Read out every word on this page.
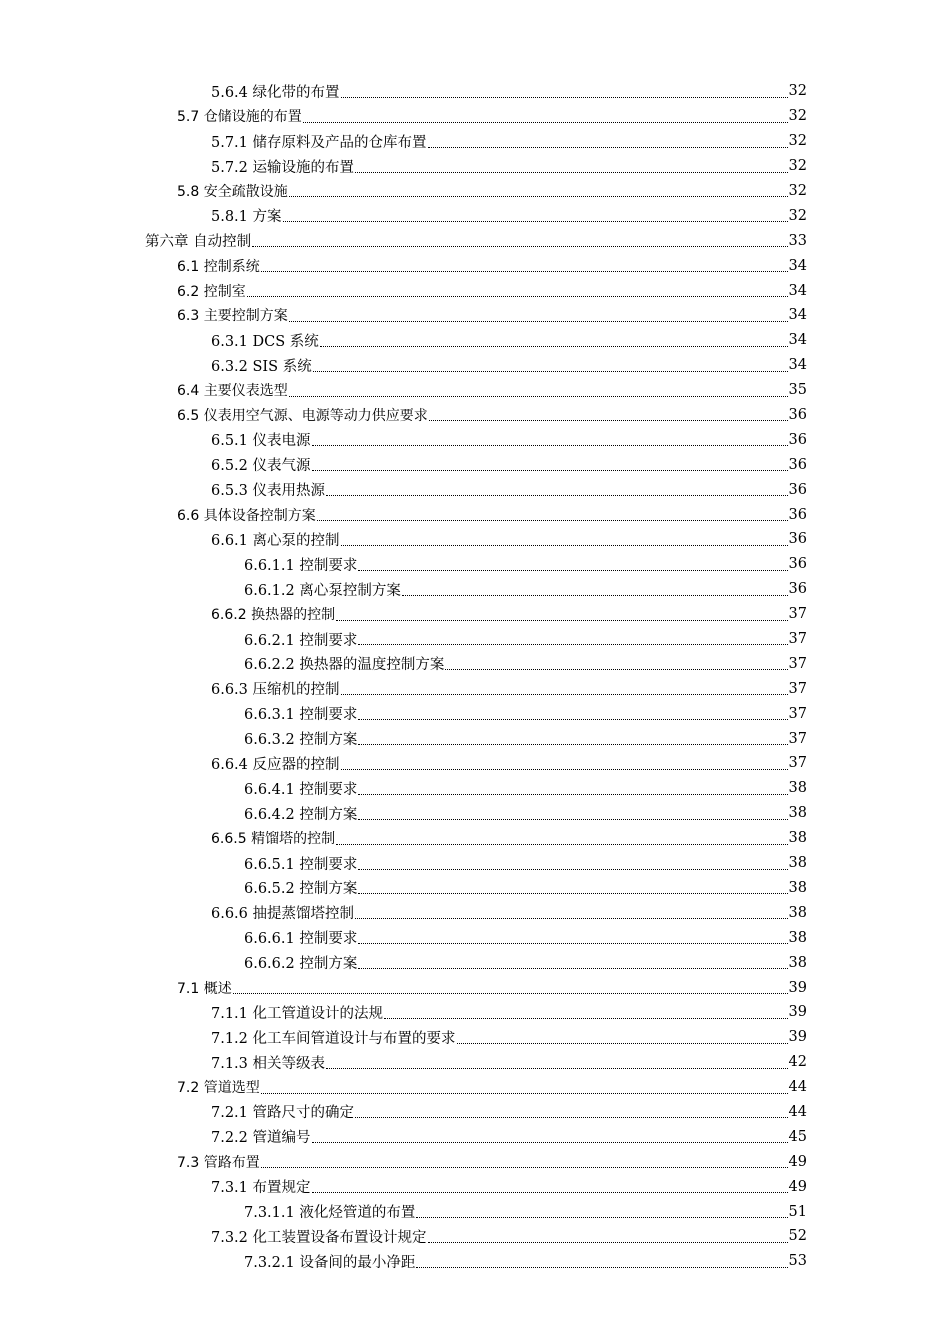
5.6.4 绿化带的布置	32
5.7 仓储设施的布置	32
5.7.1 储存原料及产品的仓库布置	32
5.7.2 运输设施的布置	32
5.8 安全疏散设施	32
5.8.1 方案	32
第六章 自动控制	33
6.1 控制系统	34
6.2 控制室	34
6.3 主要控制方案	34
6.3.1 DCS 系统	34
6.3.2 SIS 系统	34
6.4 主要仪表选型	35
6.5 仪表用空气源、电源等动力供应要求	36
6.5.1 仪表电源	36
6.5.2 仪表气源	36
6.5.3 仪表用热源	36
6.6 具体设备控制方案	36
6.6.1 离心泵的控制	36
6.6.1.1 控制要求	36
6.6.1.2 离心泵控制方案	36
6.6.2 换热器的控制	37
6.6.2.1 控制要求	37
6.6.2.2 换热器的温度控制方案	37
6.6.3 压缩机的控制	37
6.6.3.1 控制要求	37
6.6.3.2 控制方案	37
6.6.4 反应器的控制	37
6.6.4.1 控制要求	38
6.6.4.2 控制方案	38
6.6.5 精馏塔的控制	38
6.6.5.1 控制要求	38
6.6.5.2 控制方案	38
6.6.6 抽提蒸馏塔控制	38
6.6.6.1 控制要求	38
6.6.6.2 控制方案	38
7.1 概述	39
7.1.1 化工管道设计的法规	39
7.1.2 化工车间管道设计与布置的要求	39
7.1.3 相关等级表	42
7.2 管道选型	44
7.2.1 管路尺寸的确定	44
7.2.2 管道编号	45
7.3 管路布置	49
7.3.1 布置规定	49
7.3.1.1 液化烃管道的布置	51
7.3.2 化工装置设备布置设计规定	52
7.3.2.1 设备间的最小净距	53
